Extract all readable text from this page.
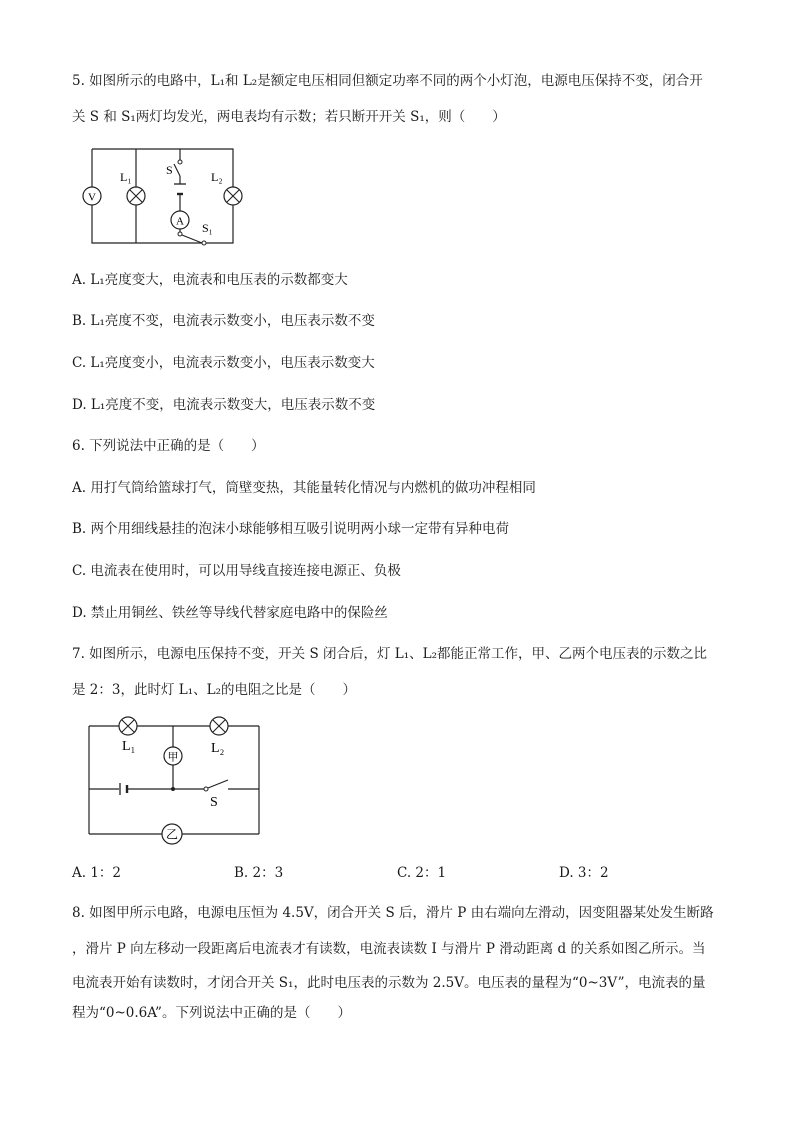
5. 如图所示的电路中，L₁和 L₂是额定电压相同但额定功率不同的两个小灯泡，电源电压保持不变，闭合开
关 S 和 S₁两灯均发光，两电表均有示数；若只断开开关 S₁，则（　　）
V
L₁	S
A S₁
L₂
A. L₁亮度变大，电流表和电压表的示数都变大
B. L₁亮度不变，电流表示数变小，电压表示数不变
C. L₁亮度变小，电流表示数变小，电压表示数变大
D. L₁亮度不变，电流表示数变大，电压表示数不变
6. 下列说法中正确的是（　　）
A. 用打气筒给篮球打气，筒壁变热，其能量转化情况与内燃机的做功冲程相同
B. 两个用细线悬挂的泡沫小球能够相互吸引说明两小球一定带有异种电荷
C. 电流表在使用时，可以用导线直接连接电源正、负极
D. 禁止用铜丝、铁丝等导线代替家庭电路中的保险丝
7. 如图所示，电源电压保持不变，开关 S 闭合后，灯 L₁、L₂都能正常工作，甲、乙两个电压表的示数之比
是 2：3，此时灯 L₁、L₂的电阻之比是（　　）
L₁	L₂
甲
S
乙
A. 1：2	B. 2：3	C. 2：1	D. 3：2
8. 如图甲所示电路，电源电压恒为 4.5V，闭合开关 S 后，滑片 P 由右端向左滑动，因变阻器某处发生断路
，滑片 P 向左移动一段距离后电流表才有读数，电流表读数 I 与滑片 P 滑动距离 d 的关系如图乙所示。当
电流表开始有读数时，才闭合开关 S₁，此时电压表的示数为 2.5V。电压表的量程为“0~3V”，电流表的量
程为“0~0.6A”。下列说法中正确的是（　　）
